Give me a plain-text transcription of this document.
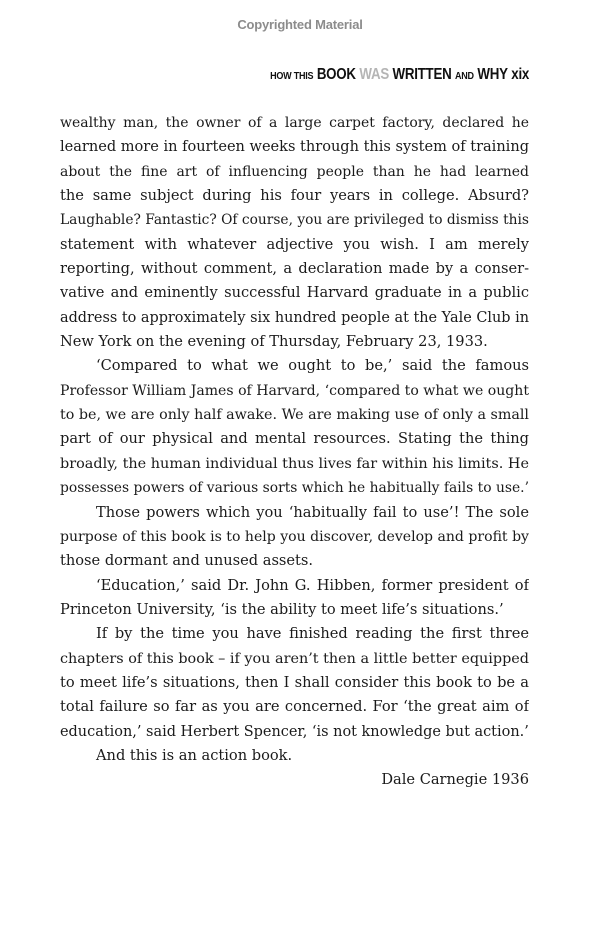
Copyrighted Material
HOW THIS BOOK WAS WRITTEN AND WHY xix
wealthy man, the owner of a large carpet factory, declared he
learned more in fourteen weeks through this system of training
about the fine art of influencing people than he had learned
the same subject during his four years in college. Absurd?
Laughable? Fantastic? Of course, you are privileged to dismiss this
statement with whatever adjective you wish. I am merely
reporting, without comment, a declaration made by a conser-
vative and eminently successful Harvard graduate in a public
address to approximately six hundred people at the Yale Club in
New York on the evening of Thursday, February 23, 1933.
‘Compared to what we ought to be,’ said the famous
Professor William James of Harvard, ‘compared to what we ought
to be, we are only half awake. We are making use of only a small
part of our physical and mental resources. Stating the thing
broadly, the human individual thus lives far within his limits. He
possesses powers of various sorts which he habitually fails to use.’
Those powers which you ‘habitually fail to use’! The sole
purpose of this book is to help you discover, develop and profit by
those dormant and unused assets.
‘Education,’ said Dr. John G. Hibben, former president of
Princeton University, ‘is the ability to meet life’s situations.’
If by the time you have finished reading the first three
chapters of this book – if you aren’t then a little better equipped
to meet life’s situations, then I shall consider this book to be a
total failure so far as you are concerned. For ‘the great aim of
education,’ said Herbert Spencer, ‘is not knowledge but action.’
And this is an action book.
Dale Carnegie 1936
